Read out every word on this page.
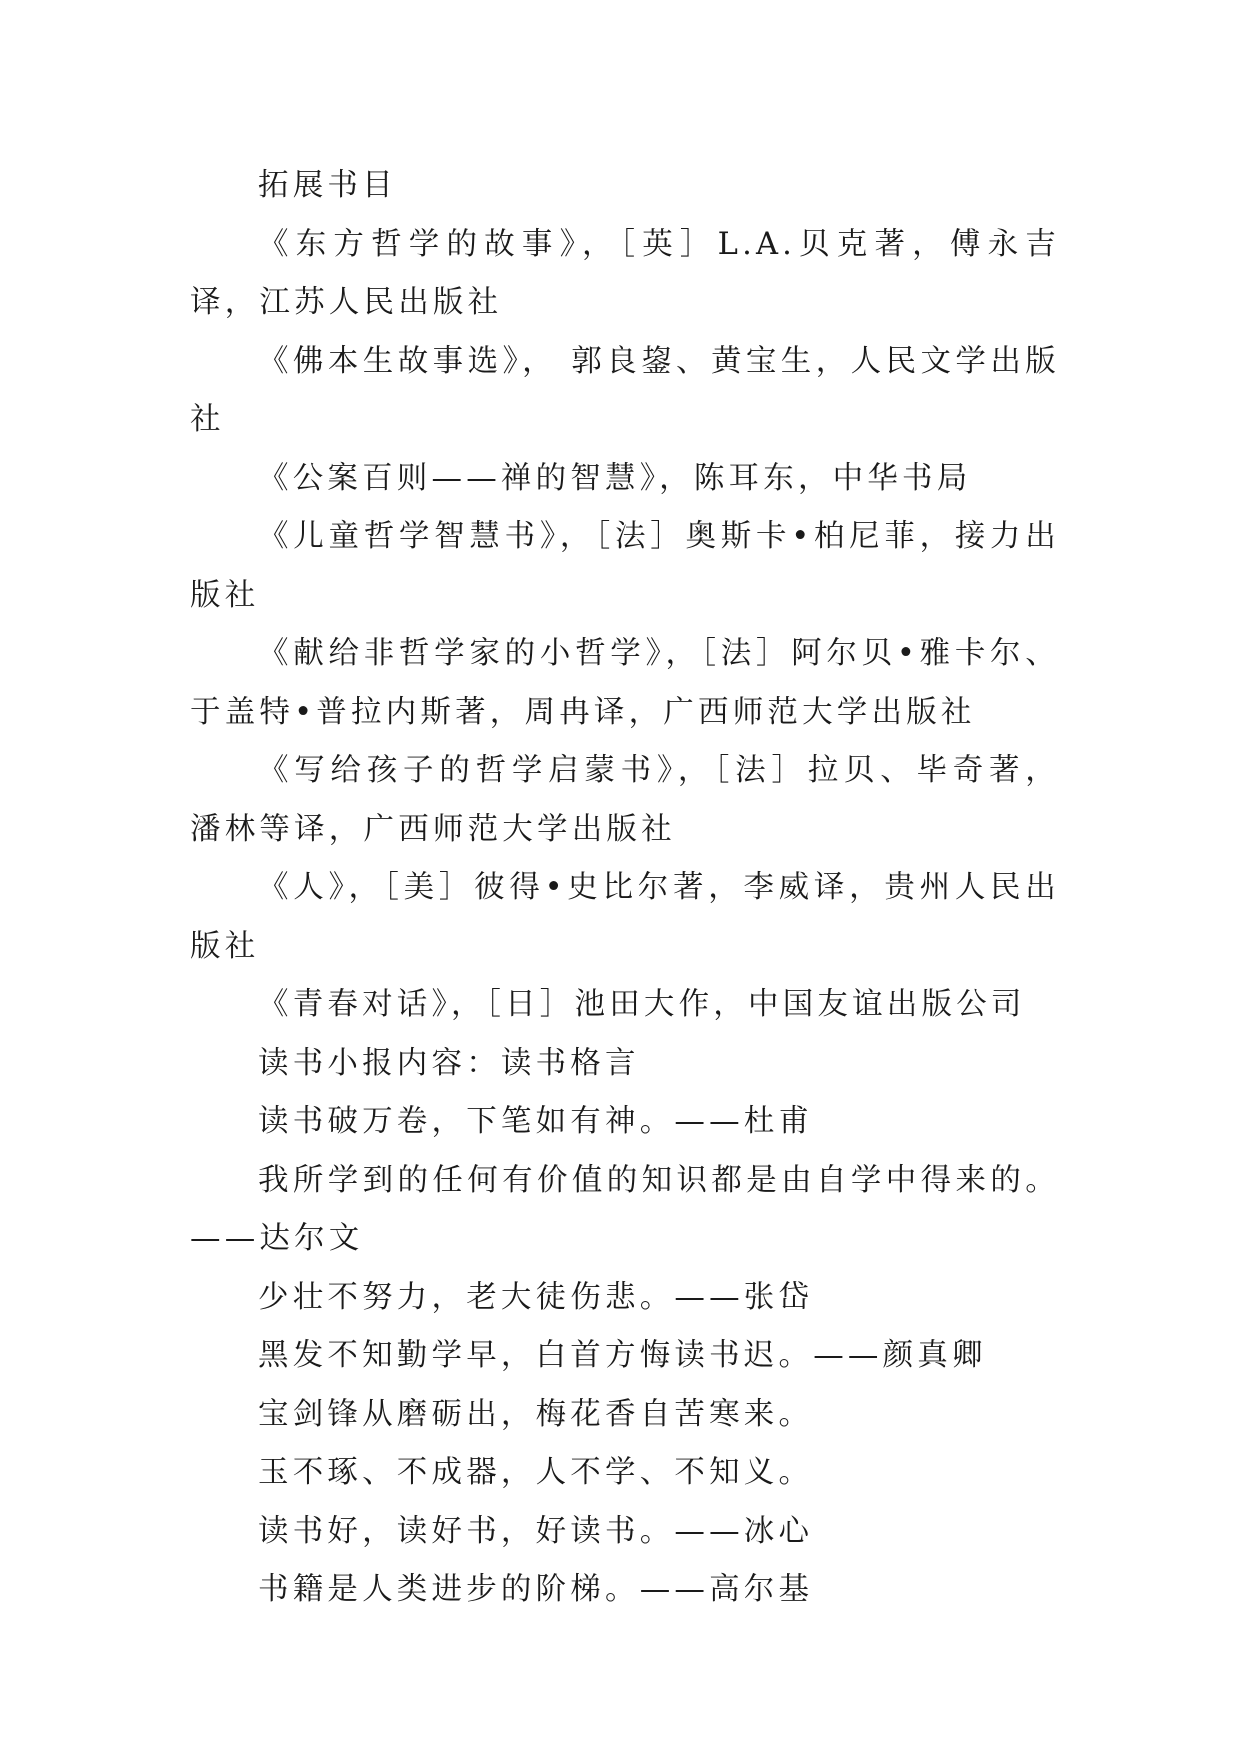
拓展书目

《东方哲学的故事》，［英］L.A.贝克著，傅永吉译，江苏人民出版社

《佛本生故事选》， 郭良鋆、黄宝生，人民文学出版社

《公案百则——禅的智慧》，陈耳东，中华书局

《儿童哲学智慧书》，［法］奥斯卡•柏尼菲，接力出版社

《献给非哲学家的小哲学》，［法］阿尔贝•雅卡尔、于盖特•普拉内斯著，周冉译，广西师范大学出版社

《写给孩子的哲学启蒙书》，［法］拉贝、毕奇著，潘林等译，广西师范大学出版社

《人》，［美］彼得•史比尔著，李威译，贵州人民出版社

《青春对话》，［日］池田大作，中国友谊出版公司

读书小报内容：读书格言

读书破万卷，下笔如有神。——杜甫

我所学到的任何有价值的知识都是由自学中得来的。——达尔文

少壮不努力，老大徒伤悲。——张岱

黑发不知勤学早，白首方悔读书迟。——颜真卿

宝剑锋从磨砺出，梅花香自苦寒来。

玉不琢、不成器，人不学、不知义。

读书好，读好书，好读书。——冰心

书籍是人类进步的阶梯。——高尔基
